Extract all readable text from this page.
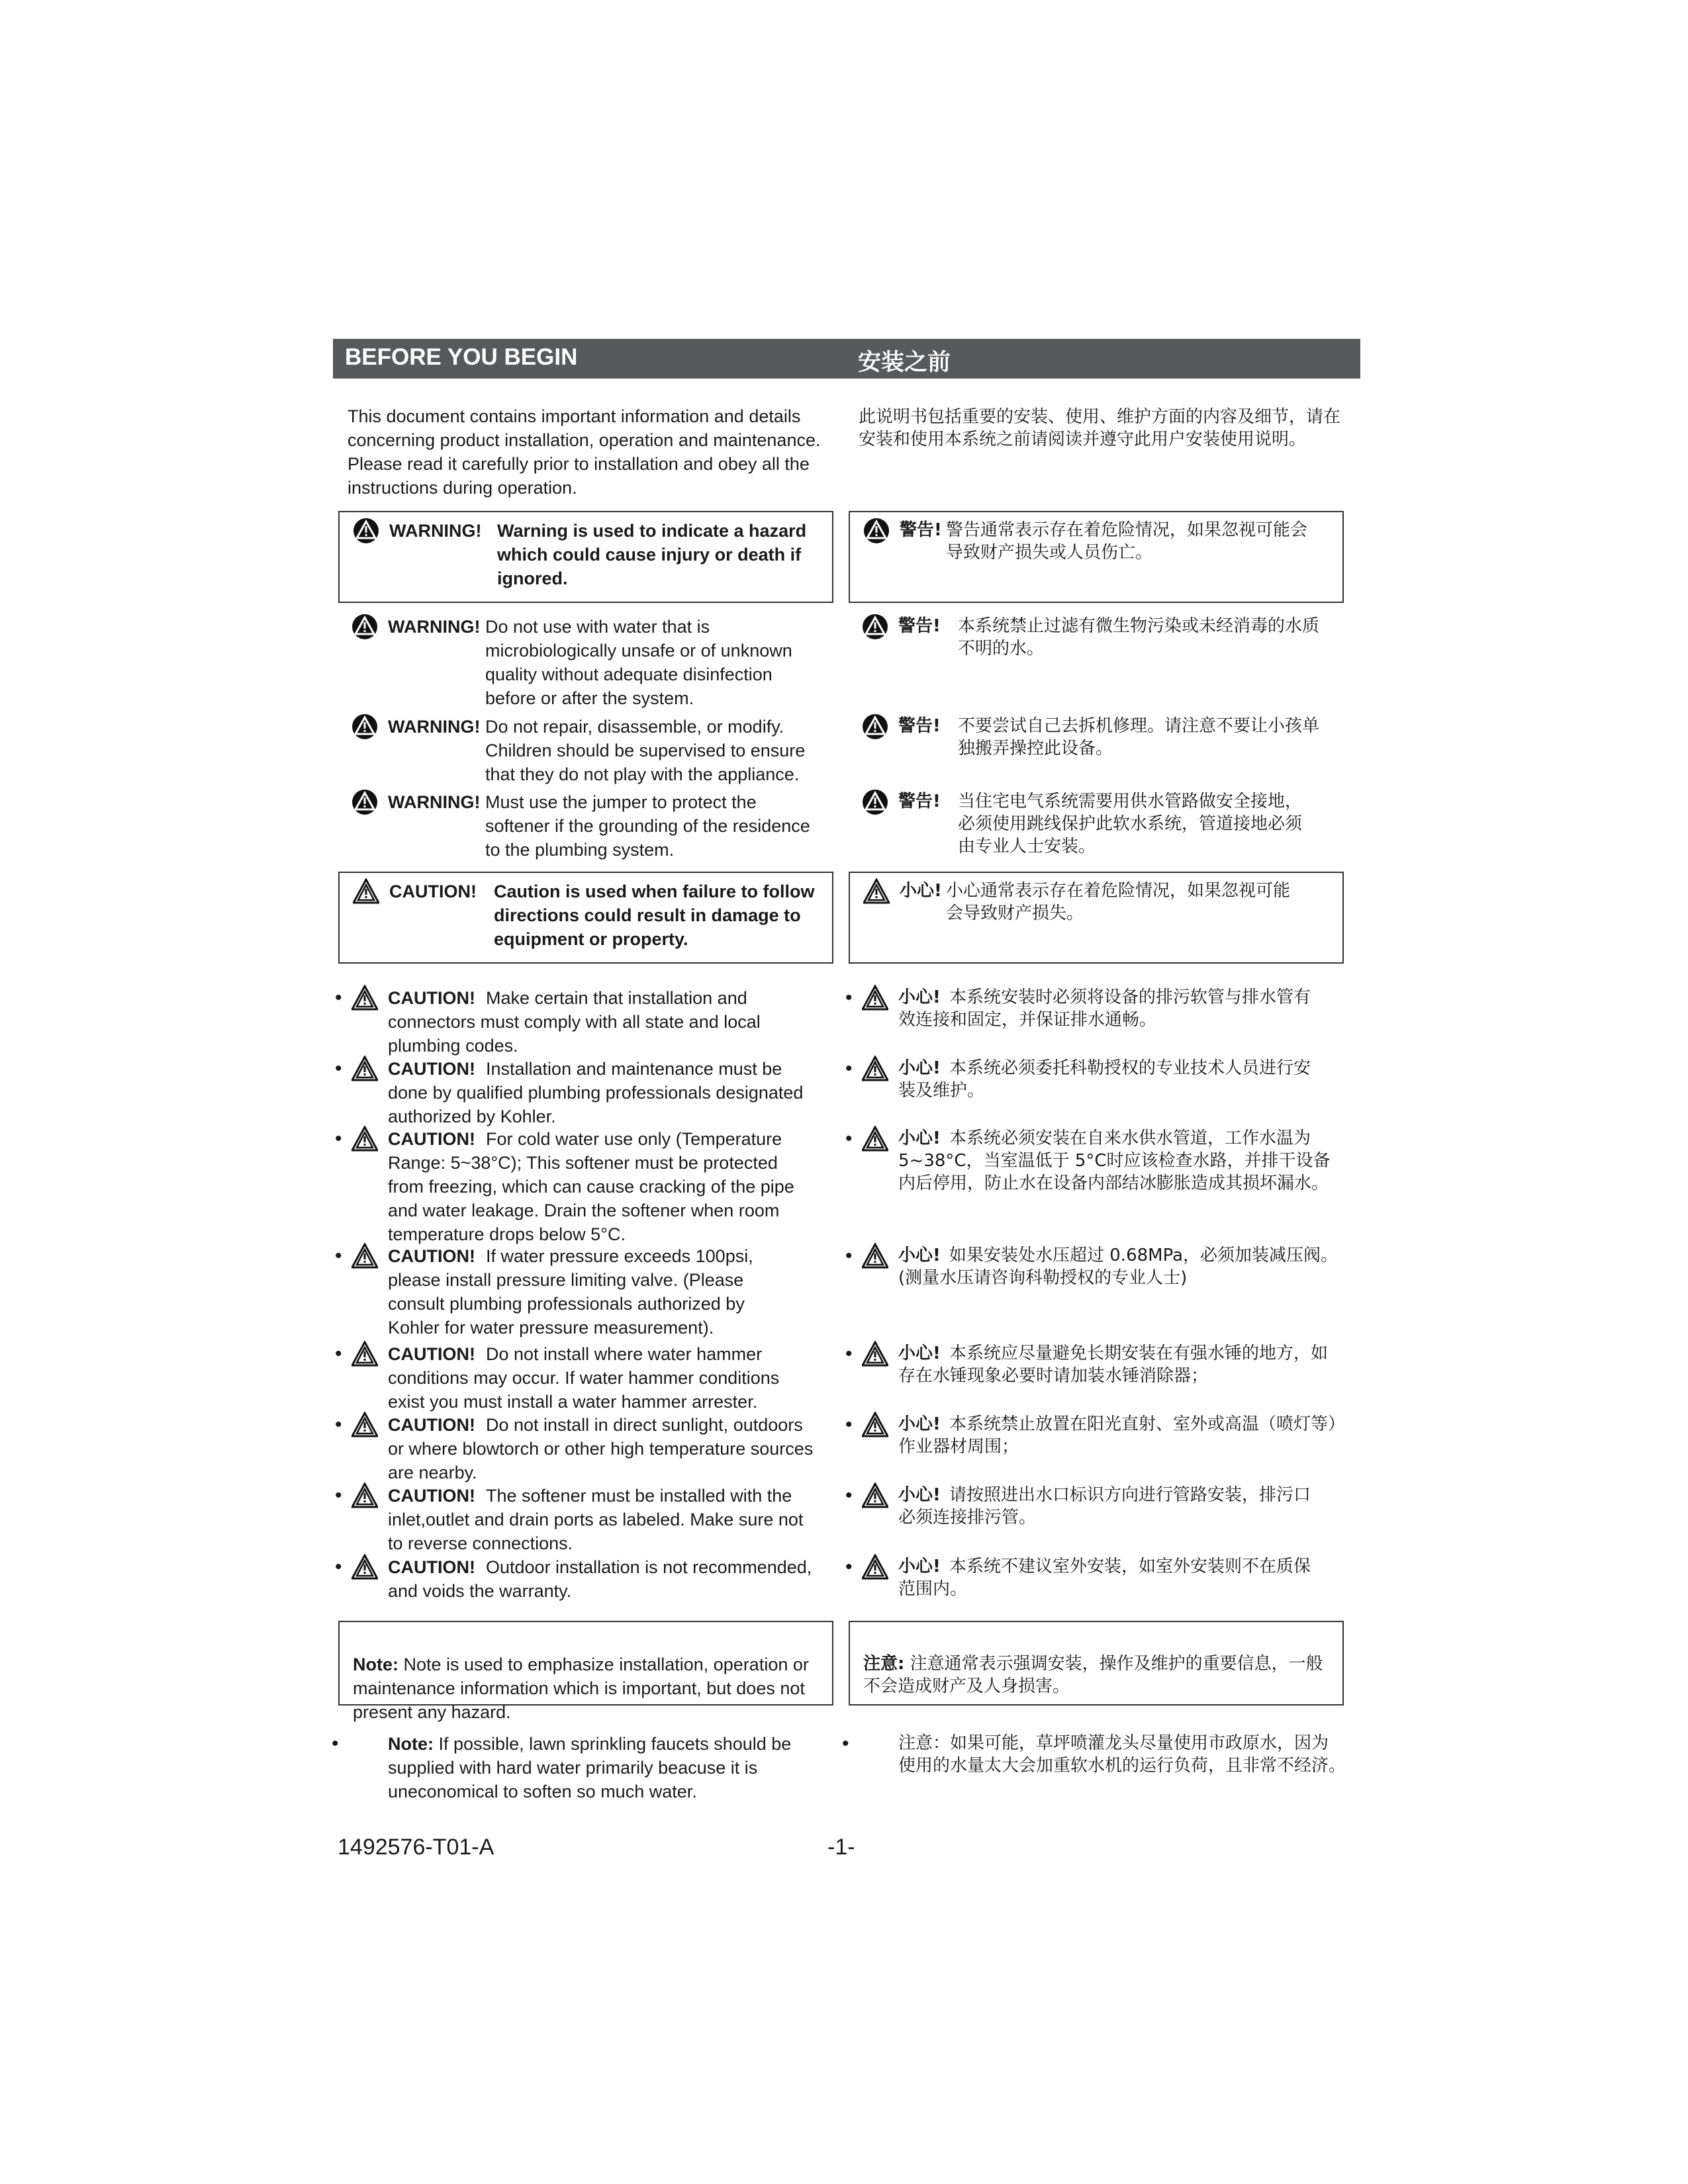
BEFORE YOU BEGIN	安装之前
This document contains important information and details
concerning product installation, operation and maintenance.
Please read it carefully prior to installation and obey all the
instructions during operation.
此说明书包括重要的安装、使用、维护方面的内容及细节，请在
安装和使用本系统之前请阅读并遵守此用户安装使用说明。
WARNING! Warning is used to indicate a hazard
which could cause injury or death if
ignored.
警告! 警告通常表示存在着危险情况，如果忽视可能会
导致财产损失或人员伤亡。
WARNING! Do not use with water that is
microbiologically unsafe or of unknown
quality without adequate disinfection
before or after the system.
WARNING! Do not repair, disassemble, or modify.
Children should be supervised to ensure
that they do not play with the appliance.
WARNING! Must use the jumper to protect the
softener if the grounding of the residence
to the plumbing system.
警告! 本系统禁止过滤有微生物污染或未经消毒的水质
不明的水。
警告! 不要尝试自己去拆机修理。请注意不要让小孩单
独搬弄操控此设备。
警告! 当住宅电气系统需要用供水管路做安全接地，
必须使用跳线保护此软水系统，管道接地必须
由专业人士安装。
CAUTION! Caution is used when failure to follow
directions could result in damage to
equipment or property.
小心! 小心通常表示存在着危险情况，如果忽视可能
会导致财产损失。
•	CAUTION! Make certain that installation and
connectors must comply with all state and local
plumbing codes.
•	CAUTION! Installation and maintenance must be
done by qualified plumbing professionals designated
authorized by Kohler.
•	CAUTION! For cold water use only (Temperature
Range: 5~38°C); This softener must be protected
from freezing, which can cause cracking of the pipe
and water leakage. Drain the softener when room
temperature drops below 5°C.
•	CAUTION! If water pressure exceeds 100psi,
please install pressure limiting valve. (Please
consult plumbing professionals authorized by
Kohler for water pressure measurement).
•	CAUTION! Do not install where water hammer
conditions may occur. If water hammer conditions
exist you must install a water hammer arrester.
•	CAUTION! Do not install in direct sunlight, outdoors
or where blowtorch or other high temperature sources
are nearby.
•	CAUTION! The softener must be installed with the
inlet,outlet and drain ports as labeled. Make sure not
to reverse connections.
•	CAUTION! Outdoor installation is not recommended,
and voids the warranty.
•	小心! 本系统安装时必须将设备的排污软管与排水管有
效连接和固定，并保证排水通畅。
•	小心! 本系统必须委托科勒授权的专业技术人员进行安
装及维护。
•	小心! 本系统必须安装在自来水供水管道，工作水温为
5~38°C，当室温低于 5°C时应该检查水路，并排干设备
内后停用，防止水在设备内部结冰膨胀造成其损坏漏水。
•	小心! 如果安装处水压超过 0.68MPa，必须加装减压阀。
(测量水压请咨询科勒授权的专业人士)
•	小心! 本系统应尽量避免长期安装在有强水锤的地方，如
存在水锤现象必要时请加装水锤消除器；
•	小心! 本系统禁止放置在阳光直射、室外或高温（喷灯等）
作业器材周围；
•	小心! 请按照进出水口标识方向进行管路安装，排污口
必须连接排污管。
•	小心! 本系统不建议室外安装，如室外安装则不在质保
范围内。

Note: Note is used to emphasize installation, operation or
maintenance information which is important, but does not
present any hazard.

注意: 注意通常表示强调安装，操作及维护的重要信息，一般
不会造成财产及人身损害。

•	Note: If possible, lawn sprinkling faucets should be
supplied with hard water primarily beacuse it is
uneconomical to soften so much water.
•	注意：如果可能，草坪喷灌龙头尽量使用市政原水，因为
使用的水量太大会加重软水机的运行负荷，且非常不经济。
1492576-T01-A	-1-
